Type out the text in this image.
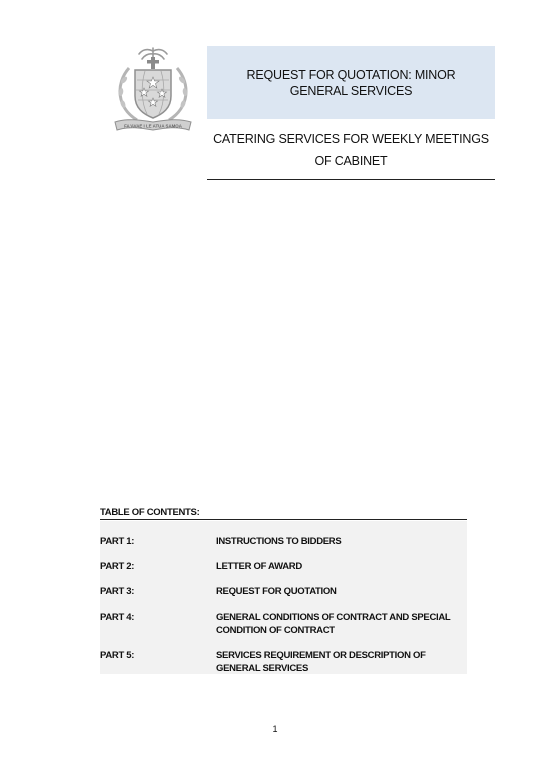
FA'AVAE I LE ATUA SAMOA
REQUEST FOR QUOTATION: MINOR GENERAL SERVICES
CATERING SERVICES FOR WEEKLY MEETINGS OF CABINET
TABLE OF CONTENTS:
PART 1:	INSTRUCTIONS TO BIDDERS
PART 2:	LETTER OF AWARD
PART 3:	REQUEST FOR QUOTATION
PART 4:	GENERAL CONDITIONS OF CONTRACT AND SPECIAL CONDITION OF CONTRACT
PART 5:	SERVICES REQUIREMENT OR DESCRIPTION OF GENERAL SERVICES
1
